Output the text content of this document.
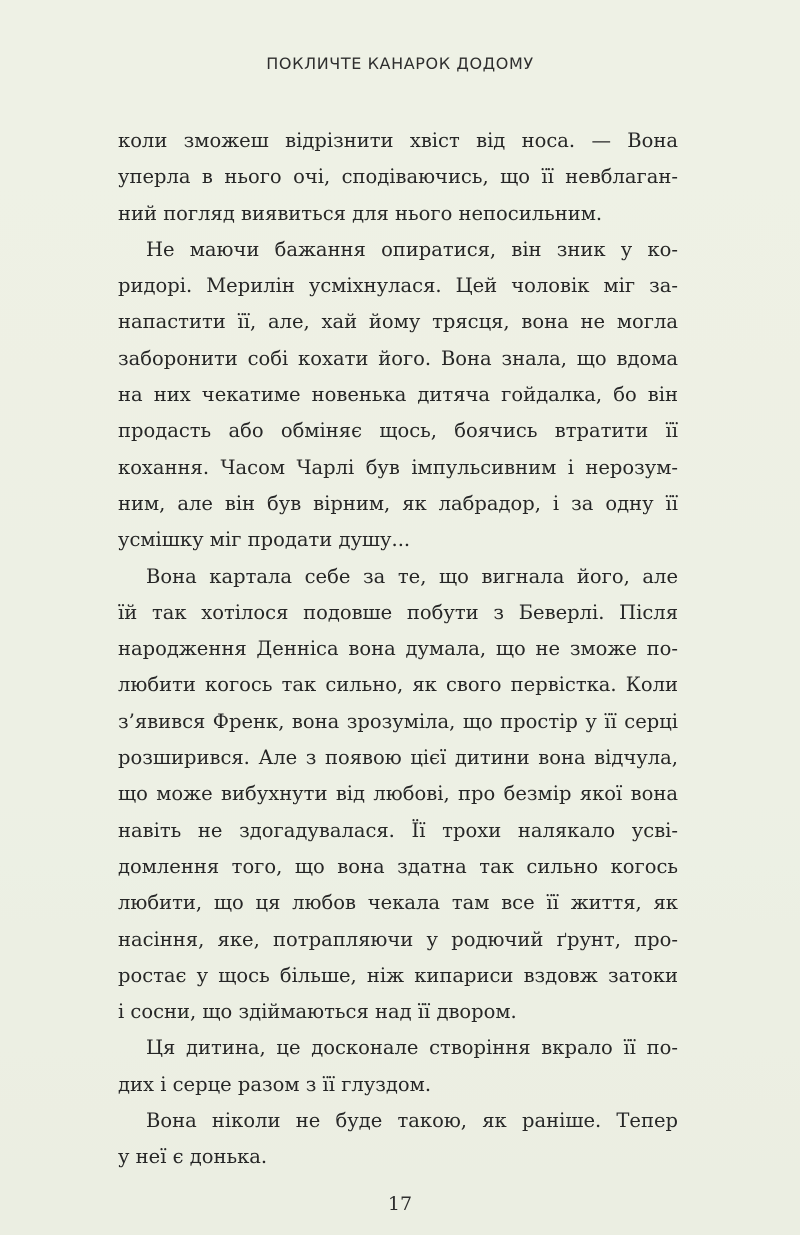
ПОКЛИЧТЕ КАНАРОК ДОДОМУ
коли зможеш відрізнити хвіст від носа. — Вона
уперла в нього очі, сподіваючись, що її невблаган-
ний погляд виявиться для нього непосильним.
Не маючи бажання опиратися, він зник у ко-
ридорі. Мерилін усміхнулася. Цей чоловік міг за-
напастити її, але, хай йому трясця, вона не могла
заборонити собі кохати його. Вона знала, що вдома
на них чекатиме новенька дитяча гойдалка, бо він
продасть або обміняє щось, боячись втратити її
кохання. Часом Чарлі був імпульсивним і нерозум-
ним, але він був вірним, як лабрадор, і за одну її
усмішку міг продати душу...
Вона картала себе за те, що вигнала його, але
їй так хотілося подовше побути з Беверлі. Після
народження Денніса вона думала, що не зможе по-
любити когось так сильно, як свого первістка. Коли
з’явився Френк, вона зрозуміла, що простір у її серці
розширився. Але з появою цієї дитини вона відчула,
що може вибухнути від любові, про безмір якої вона
навіть не здогадувалася. Її трохи налякало усві-
домлення того, що вона здатна так сильно когось
любити, що ця любов чекала там все її життя, як
насіння, яке, потрапляючи у родючий ґрунт, про-
ростає у щось більше, ніж кипариси вздовж затоки
і сосни, що здіймаються над її двором.
Ця дитина, це досконале створіння вкрало її по-
дих і серце разом з її глуздом.
Вона ніколи не буде такою, як раніше. Тепер
у неї є донька.
17
